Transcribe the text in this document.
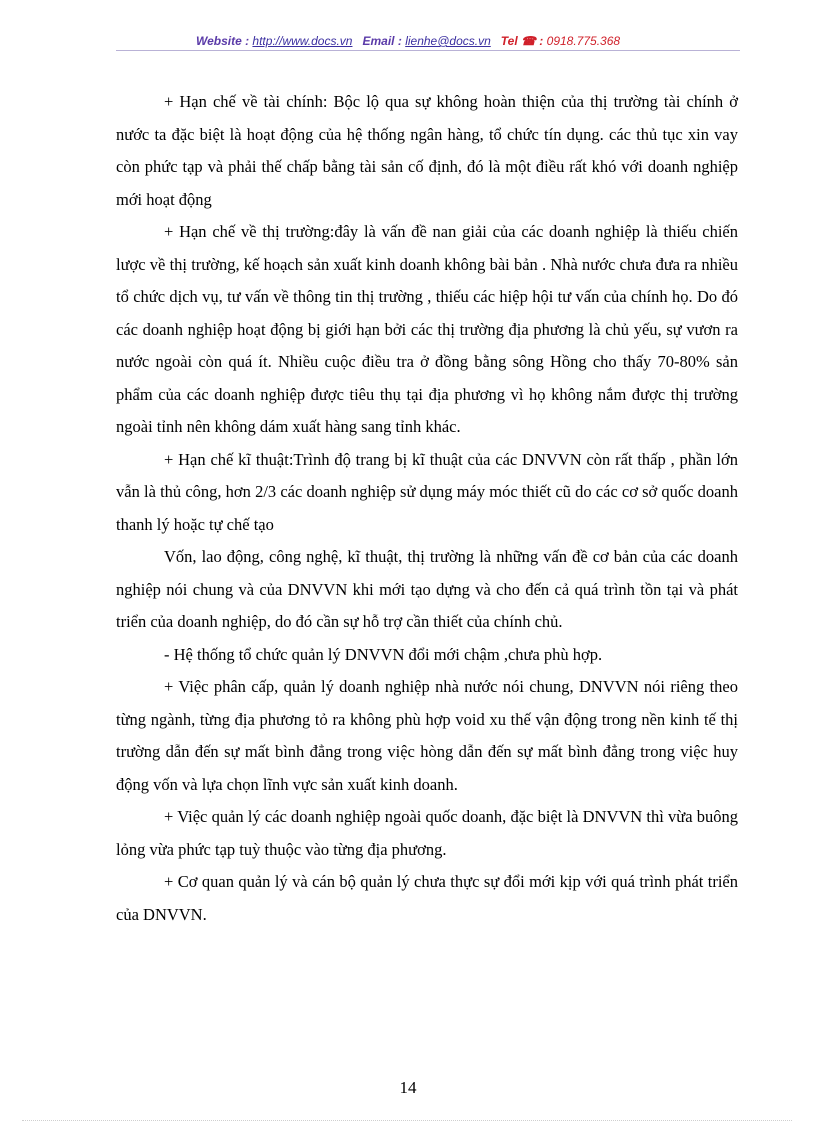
Website : http://www.docs.vn Email : lienhe@docs.vn Tel ☎ : 0918.775.368

+ Hạn chế về tài chính: Bộc lộ qua sự không hoàn thiện của thị trường tài chính ở nước ta đặc biệt là hoạt động của hệ thống ngân hàng, tổ chức tín dụng. các thủ tục xin vay còn phức tạp và phải thế chấp bằng tài sản cố định, đó là một điều rất khó với doanh nghiệp mới hoạt động

+ Hạn chế về thị trường:đây là vấn đề nan giải của các doanh nghiệp là thiếu chiến lược về thị trường, kế hoạch sản xuất kinh doanh không bài bản . Nhà nước chưa đưa ra nhiều tổ chức dịch vụ, tư vấn về thông tin thị trường , thiếu các hiệp hội tư vấn của chính họ. Do đó các doanh nghiệp hoạt động bị giới hạn bởi các thị trường địa phương là chủ yếu, sự vươn ra nước ngoài còn quá ít. Nhiều cuộc điều tra ở đồng bằng sông Hồng cho thấy 70-80% sản phẩm của các doanh nghiệp được tiêu thụ tại địa phương vì họ không nắm được thị trường ngoài tỉnh nên không dám xuất hàng sang tỉnh khác.

+ Hạn chế kĩ thuật:Trình độ trang bị kĩ thuật của các DNVVN còn rất thấp , phần lớn vẫn là thủ công, hơn 2/3 các doanh nghiệp sử dụng máy móc thiết cũ do các cơ sở quốc doanh thanh lý hoặc tự chế tạo

Vốn, lao động, công nghệ, kĩ thuật, thị trường là những vấn đề cơ bản của các doanh nghiệp nói chung và của DNVVN khi mới tạo dựng và cho đến cả quá trình tồn tại và phát triển của doanh nghiệp, do đó cần sự hỗ trợ cần thiết của chính chủ.

- Hệ thống tổ chức quản lý DNVVN đổi mới chậm ,chưa phù hợp.

+ Việc phân cấp, quản lý doanh nghiệp nhà nước nói chung, DNVVN nói riêng theo từng ngành, từng địa phương tỏ ra không phù hợp void xu thế vận động trong nền kinh tế thị trường dẫn đến sự mất bình đẳng trong việc hòng dẫn đến sự mất bình đẳng trong việc huy động vốn và lựa chọn lĩnh vực sản xuất kinh doanh.

+ Việc quản lý các doanh nghiệp ngoài quốc doanh, đặc biệt là DNVVN thì vừa buông lỏng vừa phức tạp tuỳ thuộc vào từng địa phương.

+ Cơ quan quản lý và cán bộ quản lý chưa thực sự đổi mới kịp với quá trình phát triển của DNVVN.

14
